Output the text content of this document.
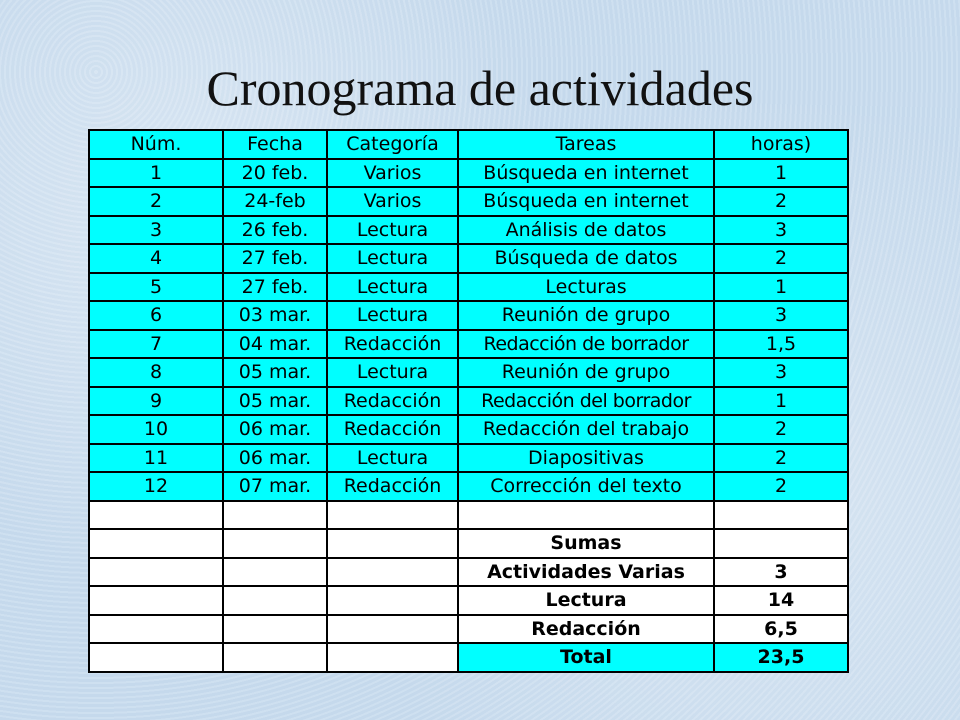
Cronograma de actividades
Núm.	Fecha	Categoría	Tareas	horas)
1	20 feb.	Varios	Búsqueda en internet	1
2	24-feb	Varios	Búsqueda en internet	2
3	26 feb.	Lectura	Análisis de datos	3
4	27 feb.	Lectura	Búsqueda de datos	2
5	27 feb.	Lectura	Lecturas	1
6	03 mar.	Lectura	Reunión de grupo	3
7	04 mar.	Redacción	Redacción de borrador	1,5
8	05 mar.	Lectura	Reunión de grupo	3
9	05 mar.	Redacción	Redacción del borrador	1
10	06 mar.	Redacción	Redacción del trabajo	2
11	06 mar.	Lectura	Diapositivas	2
12	07 mar.	Redacción	Corrección del texto	2

			Sumas	
			Actividades Varias	3
			Lectura	14
			Redacción	6,5
			Total	23,5
